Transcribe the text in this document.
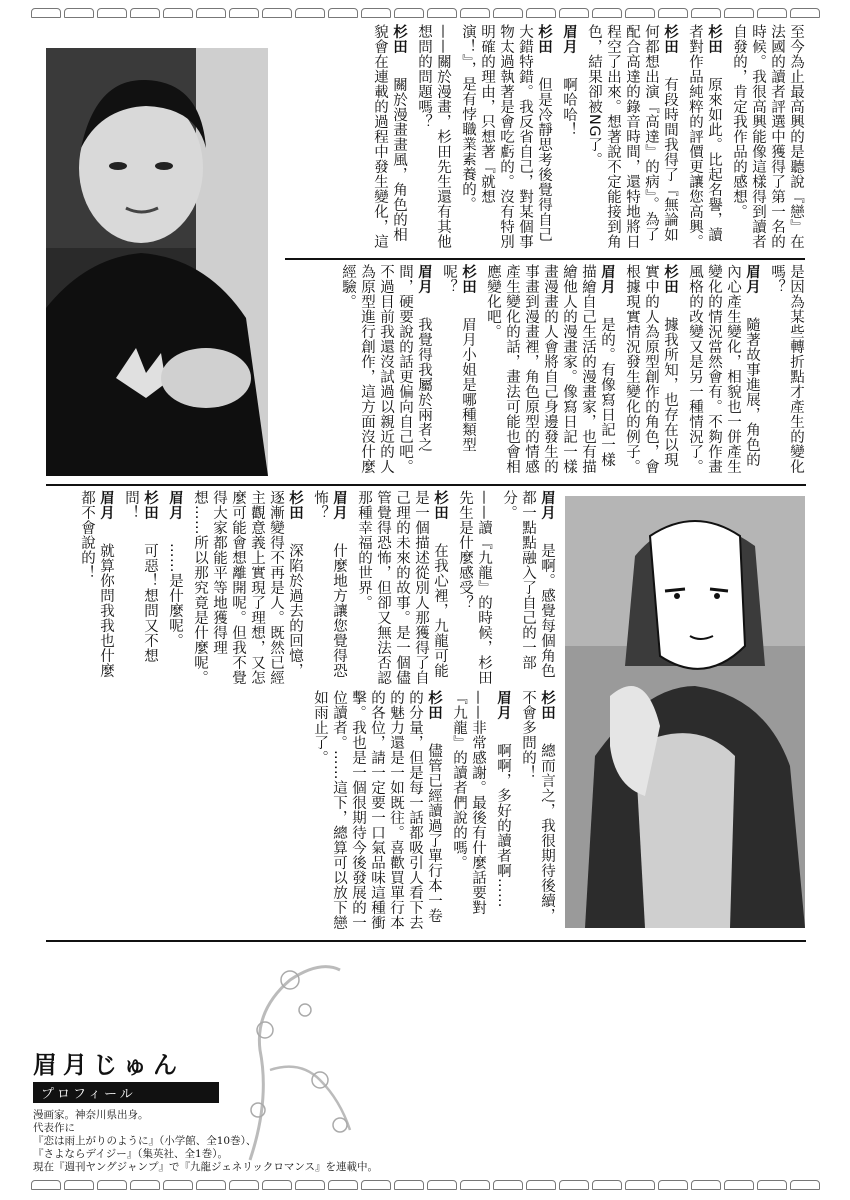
至今為止最高興的是聽說『戀』在法國的讀者評選中獲得了第一名的時候。我很高興能像這樣得到讀者自發的，肯定我作品的感想。
杉田　原來如此。比起名譽，讀者對作品純粹的評價更讓您高興。
杉田　有段時間我得了『無論如何都想出演『高達』的病』。為了配合高達的錄音時間，還特地將日程空了出來。想著說不定能接到角色，結果卻被NG了。
眉月　啊哈哈！
杉田　但是冷靜思考後覺得自己大錯特錯。我反省自己，對某個事物太過執著是會吃虧的。沒有特別明確的理由，只想著『就想演！』，是有悖職業素養的。
——關於漫畫，杉田先生還有其他想問的問題嗎？
杉田　關於漫畫畫風，角色的相貌會在連載的過程中發生變化，這
是因為某些轉折點才產生的變化嗎？
眉月　隨著故事進展，角色的內心產生變化，相貌也一併產生變化的情況當然會有。不夠作畫風格的改變又是另一種情況了。
杉田　據我所知，也存在以現實中的人為原型創作的角色，會根據現實情況發生變化的例子。
眉月　是的。有像寫日記一樣描繪自己生活的漫畫家，也有描繪他人的漫畫家。像寫日記一樣畫漫畫的人會將自己身邊發生的事畫到漫畫裡，角色原型的情感產生變化的話，畫法可能也會相應變化吧。
杉田　眉月小姐是哪種類型呢？
眉月　我覺得我屬於兩者之間，硬要說的話更偏向自己吧。不過目前我還沒試過以親近的人為原型進行創作，這方面沒什麼經驗。
眉月　是啊。感覺每個角色都一點點融入了自己的一部分。
——讀『九龍』的時候，杉田先生是什麼感受？
杉田　在我心裡，九龍可能是一個描述從別人那獲得了自己理的未來的故事。是一個儘管覺得恐怖，但卻又無法否認那種幸福的世界。
眉月　什麼地方讓您覺得恐怖？
杉田　深陷於過去的回憶，逐漸變得不再是人。既然已經主觀意義上實現了理想，又怎麼可能會想離開呢。但我不覺得大家都能平等地獲得理想……所以那究竟是什麼呢。
眉月　……是什麼呢。
杉田　可惡！想問又不想問！
眉月　就算你問我我也什麼都不會說的！
杉田　總而言之，我很期待後續，不會多問的！
眉月　啊啊，多好的讀者啊……
——非常感謝。最後有什麼話要對『九龍』的讀者們說的嗎。
杉田　儘管已經讀過了單行本一卷的分量，但是每一話都吸引人看下去的魅力還是一如既往。喜歡買單行本的各位，請一定要一口氣品味這種衝擊。我也是一個很期待今後發展的一位讀者。……這下，總算可以放下戀如雨止了。
眉月じゅん
プロフィール
漫画家。神奈川県出身。
代表作に
『恋は雨上がりのように』（小学館、全10巻）、
『さよならデイジー』（集英社、全1巻）。
現在『週刊ヤングジャンプ』で『九龍ジェネリックロマンス』を連載中。
